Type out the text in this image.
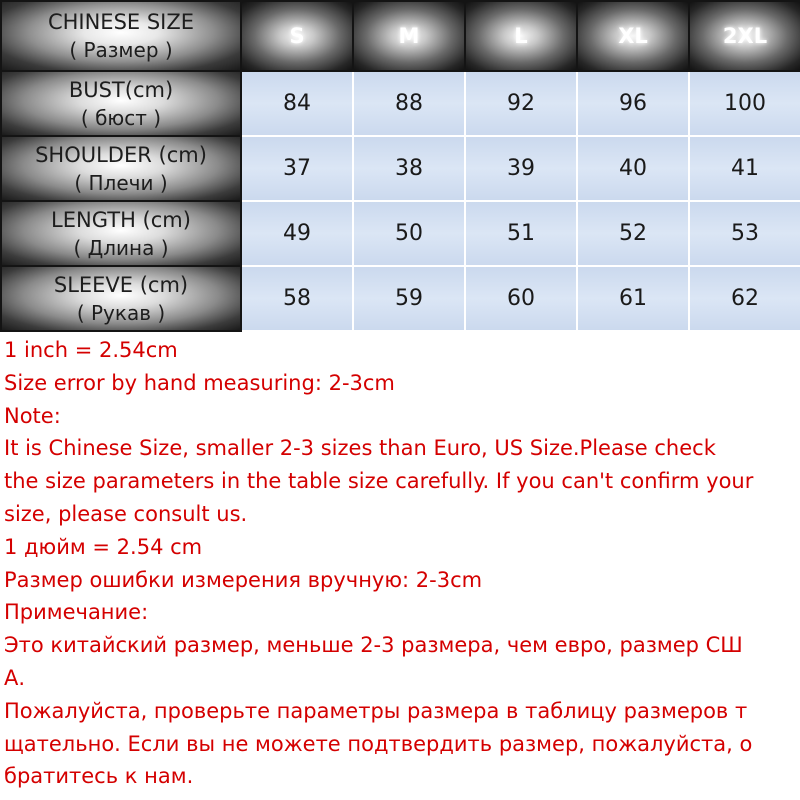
CHINESE SIZE
( Размер )	S	M	L	XL	2XL

BUST(cm)
( бюст )	84	88	92	96	100

SHOULDER (cm)
( Плечи )	37	38	39	40	41

LENGTH (cm)
( Длина )	49	50	51	52	53

SLEEVE (cm)
( Рукав )	58	59	60	61	62
1 inch = 2.54cm
Size error by hand measuring: 2-3cm
Note:
It is Chinese Size, smaller 2-3 sizes than Euro, US Size.Please check
the size parameters in the table size carefully. If you can't confirm your
size, please consult us.
1 дюйм = 2.54 cm
Размер ошибки измерения вручную: 2-3cm
Примечание:
Это китайский размер, меньше 2-3 размера, чем евро, размер СШ
А.
Пожалуйста, проверьте параметры размера в таблицу размеров т
щательно. Если вы не можете подтвердить размер, пожалуйста, о
братитесь к нам.
